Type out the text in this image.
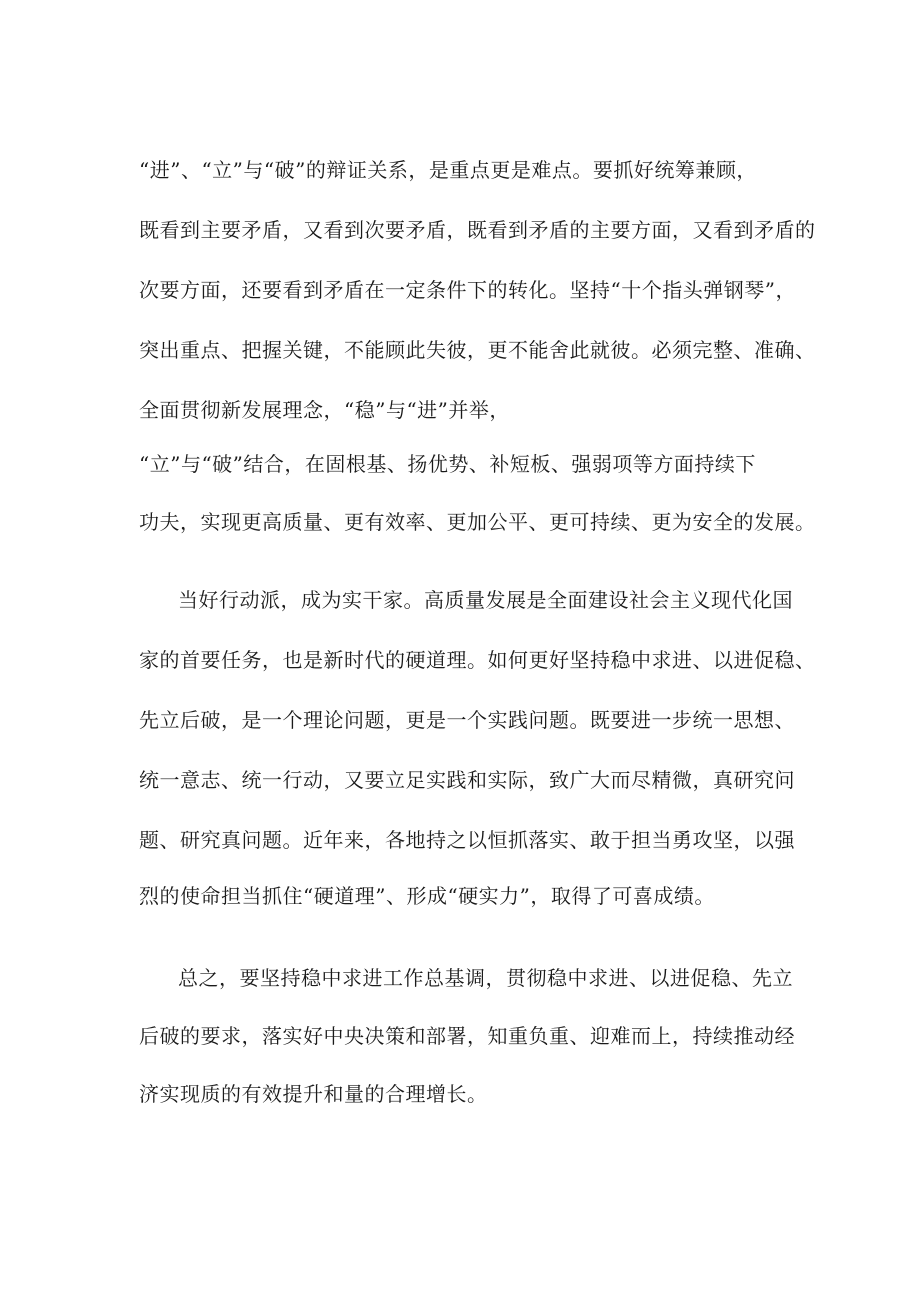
“进”、“立”与“破”的辩证关系，是重点更是难点。要抓好统筹兼顾，
既看到主要矛盾，又看到次要矛盾，既看到矛盾的主要方面，又看到矛盾的
次要方面，还要看到矛盾在一定条件下的转化。坚持“十个指头弹钢琴”，
突出重点、把握关键，不能顾此失彼，更不能舍此就彼。必须完整、准确、
全面贯彻新发展理念，“稳”与“进”并举，
“立”与“破”结合，在固根基、扬优势、补短板、强弱项等方面持续下
功夫，实现更高质量、更有效率、更加公平、更可持续、更为安全的发展。
当好行动派，成为实干家。高质量发展是全面建设社会主义现代化国
家的首要任务，也是新时代的硬道理。如何更好坚持稳中求进、以进促稳、
先立后破，是一个理论问题，更是一个实践问题。既要进一步统一思想、
统一意志、统一行动，又要立足实践和实际，致广大而尽精微，真研究问
题、研究真问题。近年来，各地持之以恒抓落实、敢于担当勇攻坚，以强
烈的使命担当抓住“硬道理”、形成“硬实力”，取得了可喜成绩。
总之，要坚持稳中求进工作总基调，贯彻稳中求进、以进促稳、先立
后破的要求，落实好中央决策和部署，知重负重、迎难而上，持续推动经
济实现质的有效提升和量的合理增长。
